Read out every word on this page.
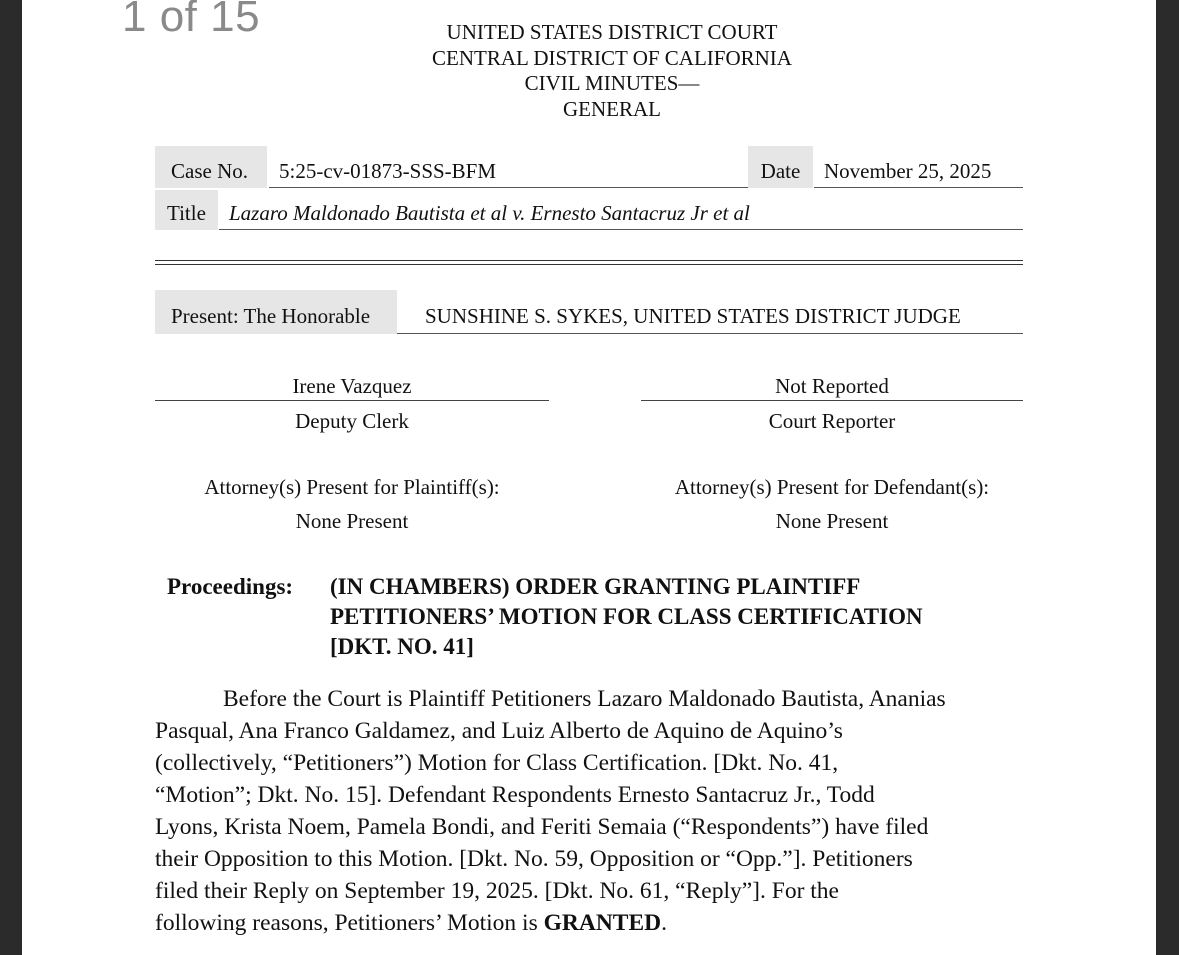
1 of 15	UNITED STATES DISTRICT COURT
CENTRAL DISTRICT OF CALIFORNIA
CIVIL MINUTES—
GENERAL
Case No.	5:25-cv-01873-SSS-BFM	Date	November 25, 2025
Title	Lazaro Maldonado Bautista et al v. Ernesto Santacruz Jr et al
Present: The Honorable	SUNSHINE S. SYKES, UNITED STATES DISTRICT JUDGE
Irene Vazquez
Deputy Clerk
Not Reported
Court Reporter
Attorney(s) Present for Plaintiff(s):
None Present
Attorney(s) Present for Defendant(s):
None Present
Proceedings: (IN CHAMBERS) ORDER GRANTING PLAINTIFF
PETITIONERS’ MOTION FOR CLASS CERTIFICATION
[DKT. NO. 41]
Before the Court is Plaintiff Petitioners Lazaro Maldonado Bautista, Ananias
Pasqual, Ana Franco Galdamez, and Luiz Alberto de Aquino de Aquino’s
(collectively, “Petitioners”) Motion for Class Certification. [Dkt. No. 41,
“Motion”; Dkt. No. 15]. Defendant Respondents Ernesto Santacruz Jr., Todd
Lyons, Krista Noem, Pamela Bondi, and Feriti Semaia (“Respondents”) have filed
their Opposition to this Motion. [Dkt. No. 59, Opposition or “Opp.”]. Petitioners
filed their Reply on September 19, 2025. [Dkt. No. 61, “Reply”]. For the
following reasons, Petitioners’ Motion is GRANTED.
